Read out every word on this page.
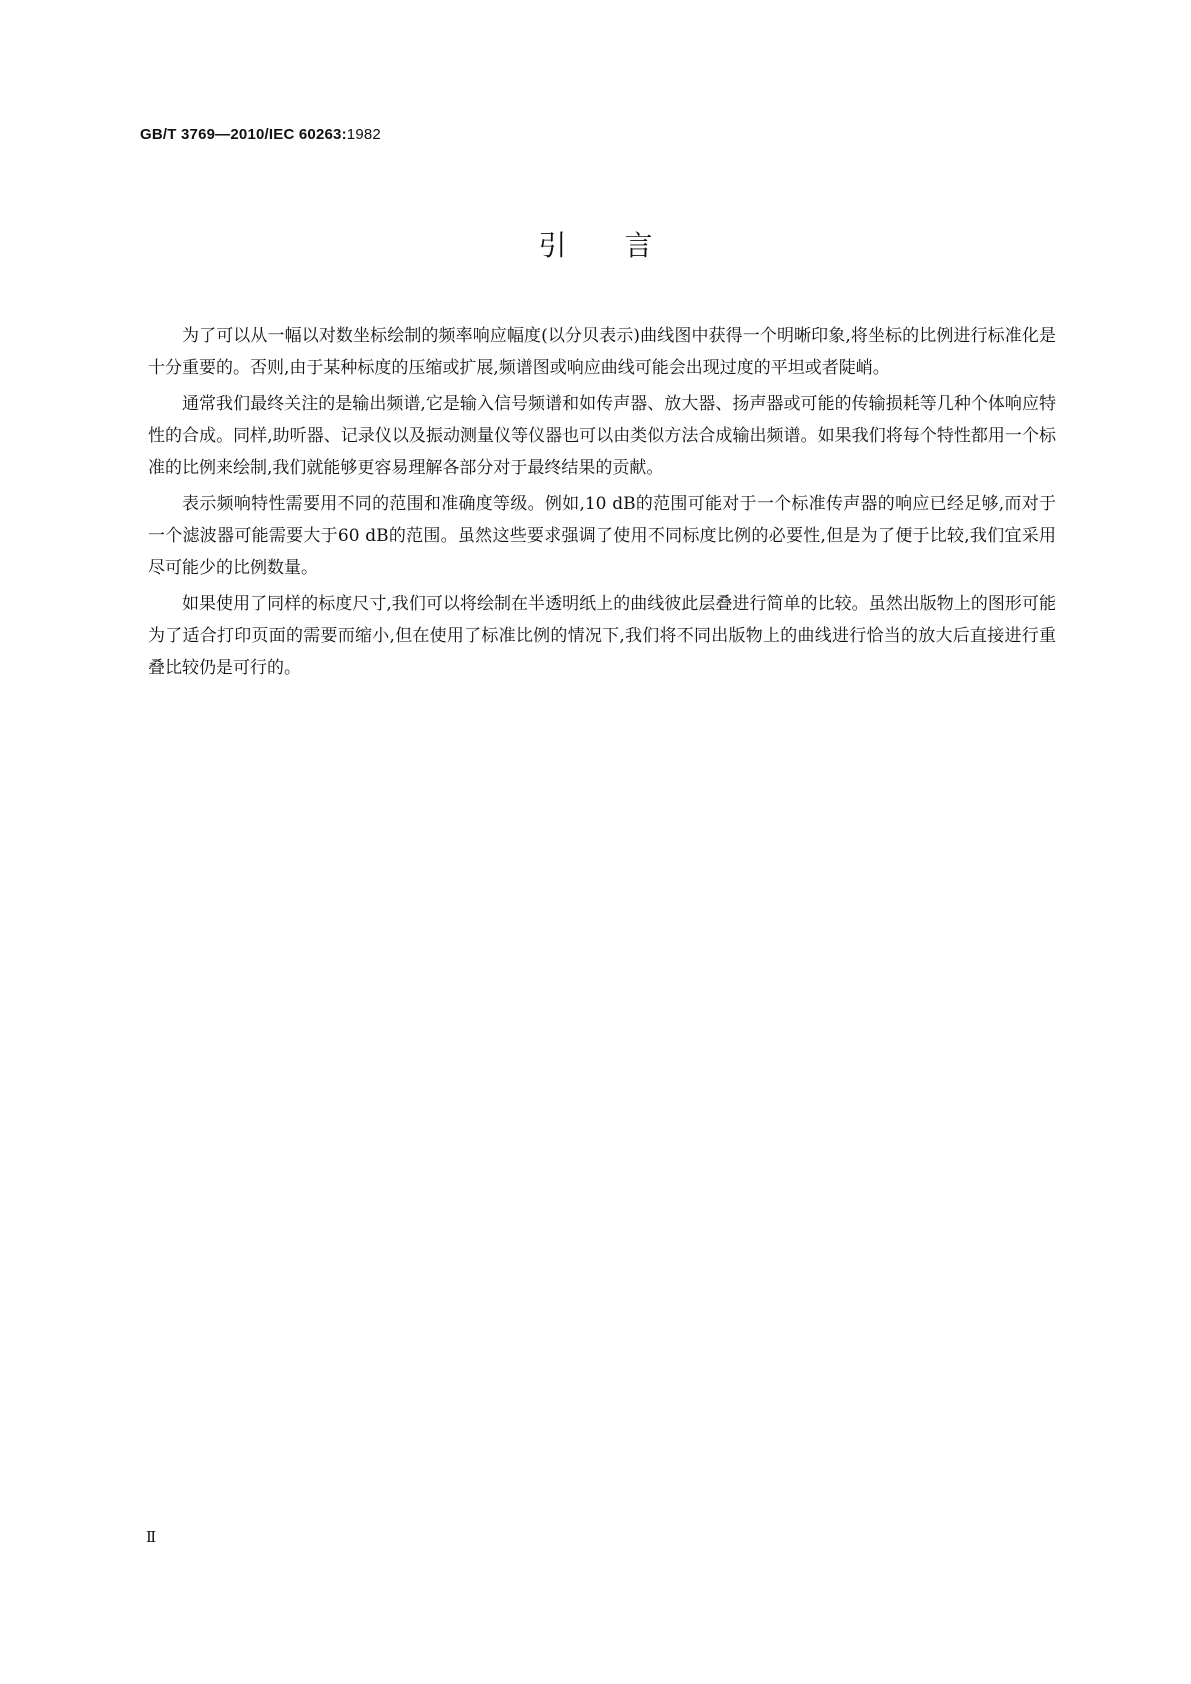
GB/T 3769—2010/IEC 60263:1982
引言

为了可以从一幅以对数坐标绘制的频率响应幅度(以分贝表示)曲线图中获得一个明晰印象,将坐标的比例进行标准化是十分重要的。否则,由于某种标度的压缩或扩展,频谱图或响应曲线可能会出现过度的平坦或者陡峭。

通常我们最终关注的是输出频谱,它是输入信号频谱和如传声器、放大器、扬声器或可能的传输损耗等几种个体响应特性的合成。同样,助听器、记录仪以及振动测量仪等仪器也可以由类似方法合成输出频谱。如果我们将每个特性都用一个标准的比例来绘制,我们就能够更容易理解各部分对于最终结果的贡献。

表示频响特性需要用不同的范围和准确度等级。例如,10 dB的范围可能对于一个标准传声器的响应已经足够,而对于一个滤波器可能需要大于60 dB的范围。虽然这些要求强调了使用不同标度比例的必要性,但是为了便于比较,我们宜采用尽可能少的比例数量。

如果使用了同样的标度尺寸,我们可以将绘制在半透明纸上的曲线彼此层叠进行简单的比较。虽然出版物上的图形可能为了适合打印页面的需要而缩小,但在使用了标准比例的情况下,我们将不同出版物上的曲线进行恰当的放大后直接进行重叠比较仍是可行的。

Ⅱ
